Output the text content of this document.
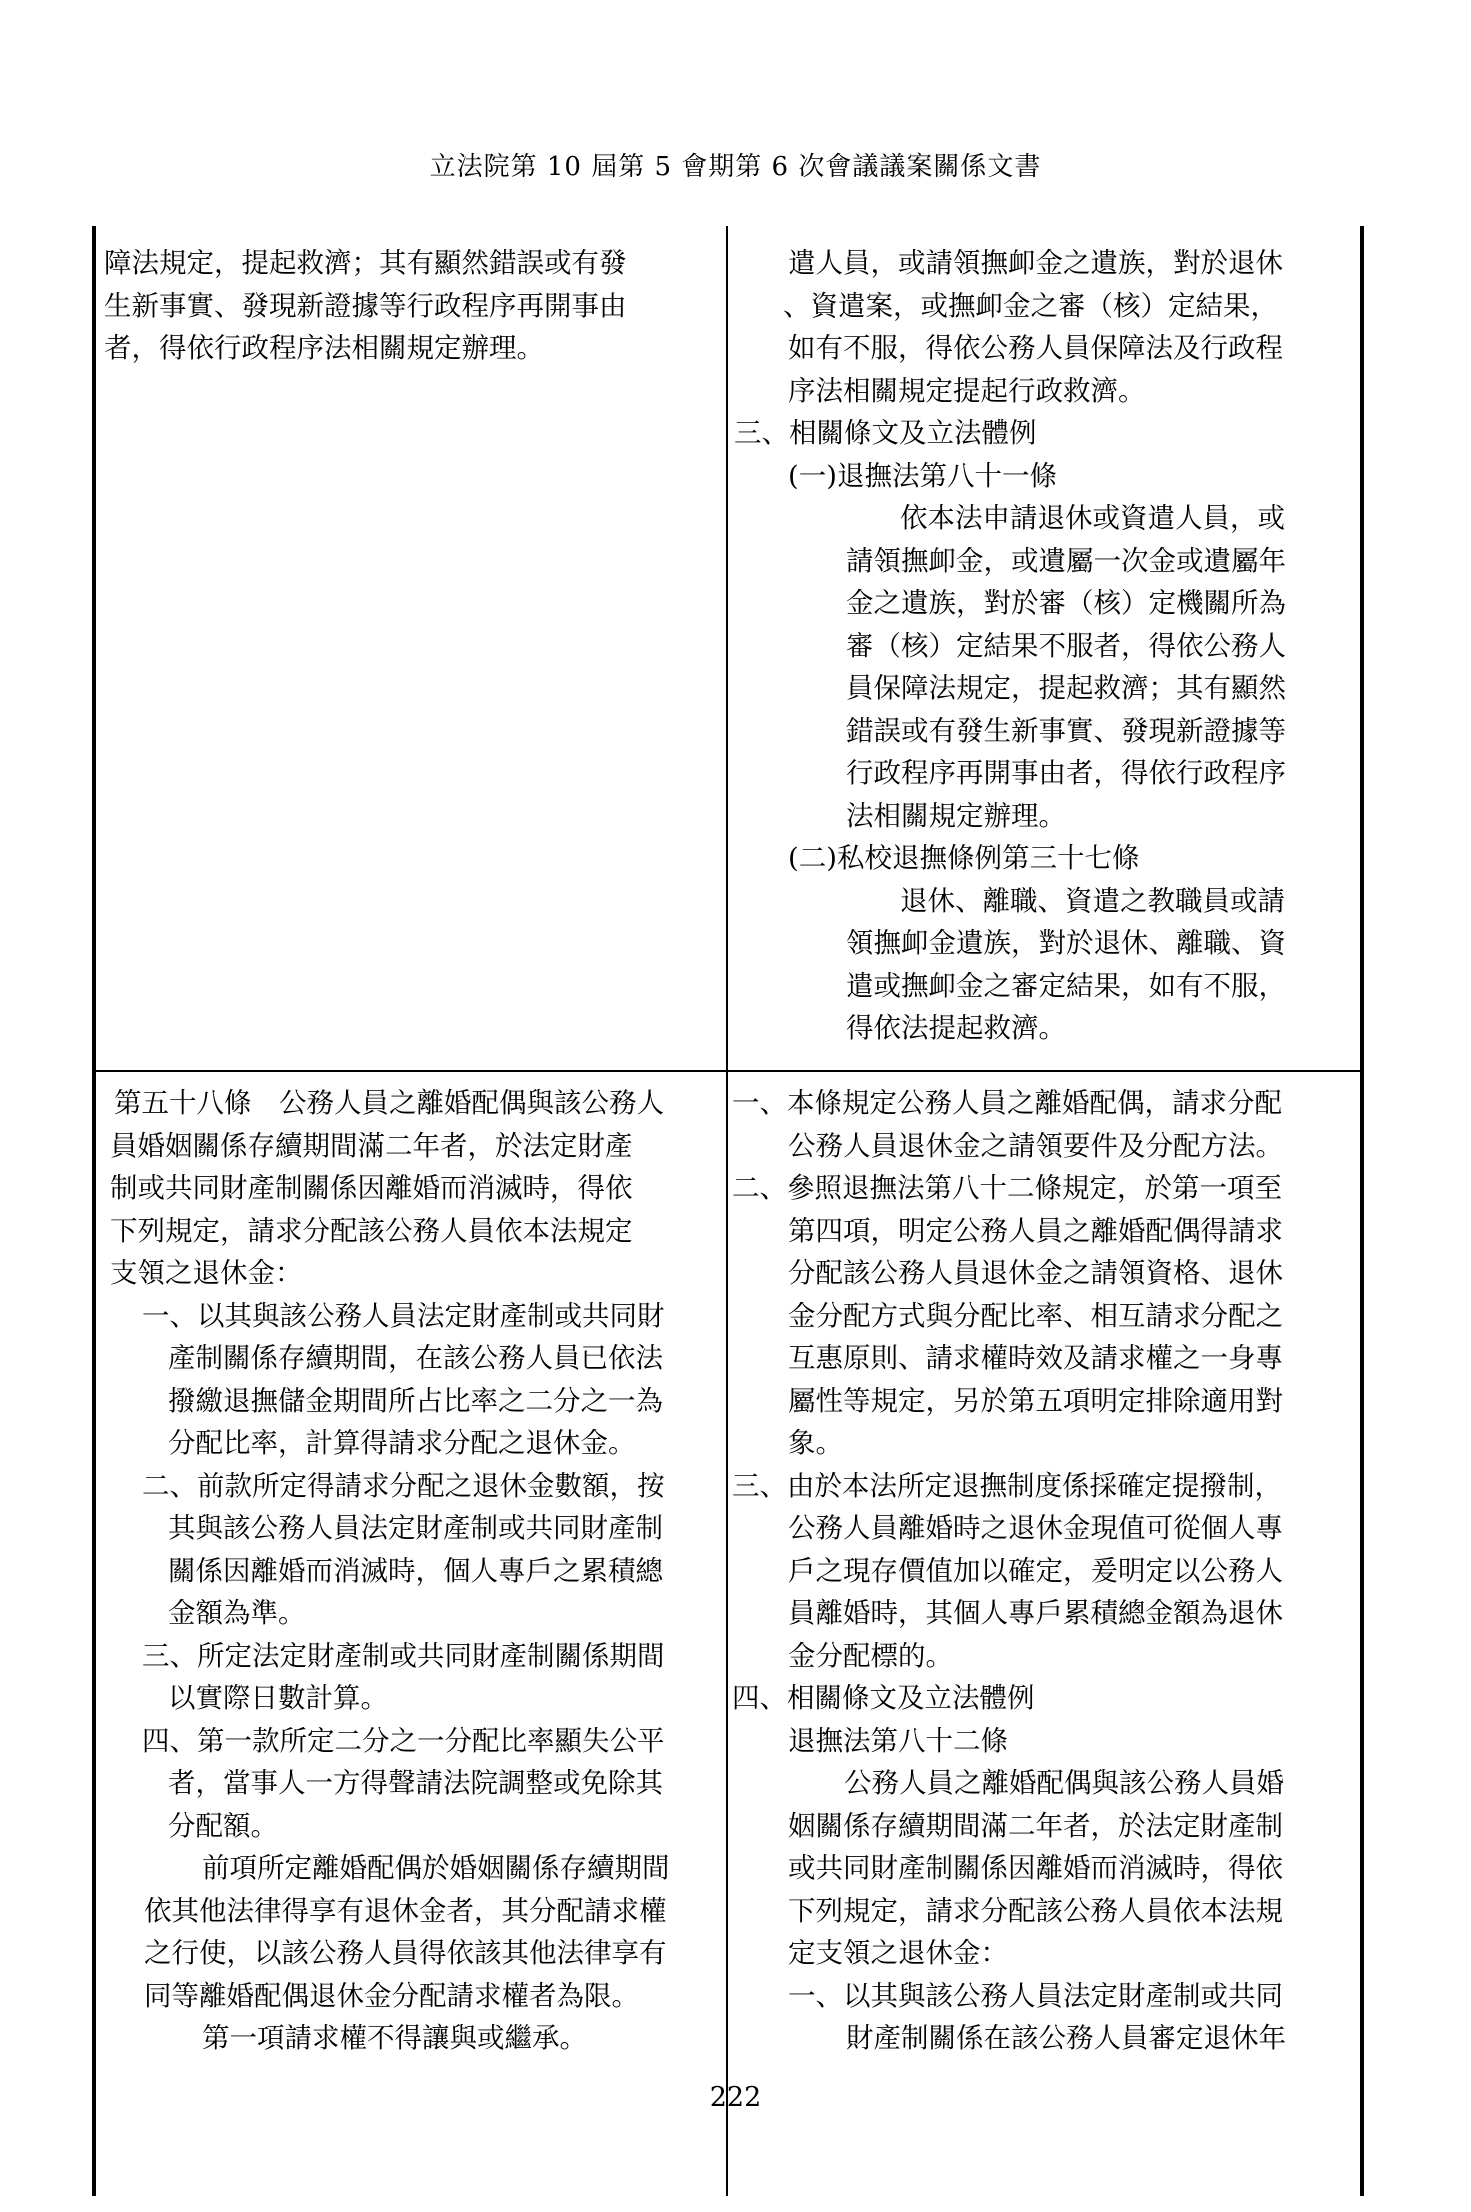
立法院第 10 屆第 5 會期第 6 次會議議案關係文書
障法規定，提起救濟；其有顯然錯誤或有發
生新事實、發現新證據等行政程序再開事由
者，得依行政程序法相關規定辦理。
遣人員，或請領撫卹金之遺族，對於退休
、資遣案，或撫卹金之審（核）定結果，
如有不服，得依公務人員保障法及行政程
序法相關規定提起行政救濟。
三、相關條文及立法體例
(一)退撫法第八十一條
依本法申請退休或資遣人員，或
請領撫卹金，或遺屬一次金或遺屬年
金之遺族，對於審（核）定機關所為
審（核）定結果不服者，得依公務人
員保障法規定，提起救濟；其有顯然
錯誤或有發生新事實、發現新證據等
行政程序再開事由者，得依行政程序
法相關規定辦理。
(二)私校退撫條例第三十七條
退休、離職、資遣之教職員或請
領撫卹金遺族，對於退休、離職、資
遣或撫卹金之審定結果，如有不服，
得依法提起救濟。
第五十八條　公務人員之離婚配偶與該公務人
員婚姻關係存續期間滿二年者，於法定財產
制或共同財產制關係因離婚而消滅時，得依
下列規定，請求分配該公務人員依本法規定
支領之退休金：
一、以其與該公務人員法定財產制或共同財
產制關係存續期間，在該公務人員已依法
撥繳退撫儲金期間所占比率之二分之一為
分配比率，計算得請求分配之退休金。
二、前款所定得請求分配之退休金數額，按
其與該公務人員法定財產制或共同財產制
關係因離婚而消滅時，個人專戶之累積總
金額為準。
三、所定法定財產制或共同財產制關係期間
以實際日數計算。
四、第一款所定二分之一分配比率顯失公平
者，當事人一方得聲請法院調整或免除其
分配額。
前項所定離婚配偶於婚姻關係存續期間
依其他法律得享有退休金者，其分配請求權
之行使，以該公務人員得依該其他法律享有
同等離婚配偶退休金分配請求權者為限。
第一項請求權不得讓與或繼承。
一、本條規定公務人員之離婚配偶，請求分配
公務人員退休金之請領要件及分配方法。
二、參照退撫法第八十二條規定，於第一項至
第四項，明定公務人員之離婚配偶得請求
分配該公務人員退休金之請領資格、退休
金分配方式與分配比率、相互請求分配之
互惠原則、請求權時效及請求權之一身專
屬性等規定，另於第五項明定排除適用對
象。
三、由於本法所定退撫制度係採確定提撥制，
公務人員離婚時之退休金現值可從個人專
戶之現存價值加以確定，爰明定以公務人
員離婚時，其個人專戶累積總金額為退休
金分配標的。
四、相關條文及立法體例
退撫法第八十二條
公務人員之離婚配偶與該公務人員婚
姻關係存續期間滿二年者，於法定財產制
或共同財產制關係因離婚而消滅時，得依
下列規定，請求分配該公務人員依本法規
定支領之退休金：
一、以其與該公務人員法定財產制或共同
財產制關係在該公務人員審定退休年
222
